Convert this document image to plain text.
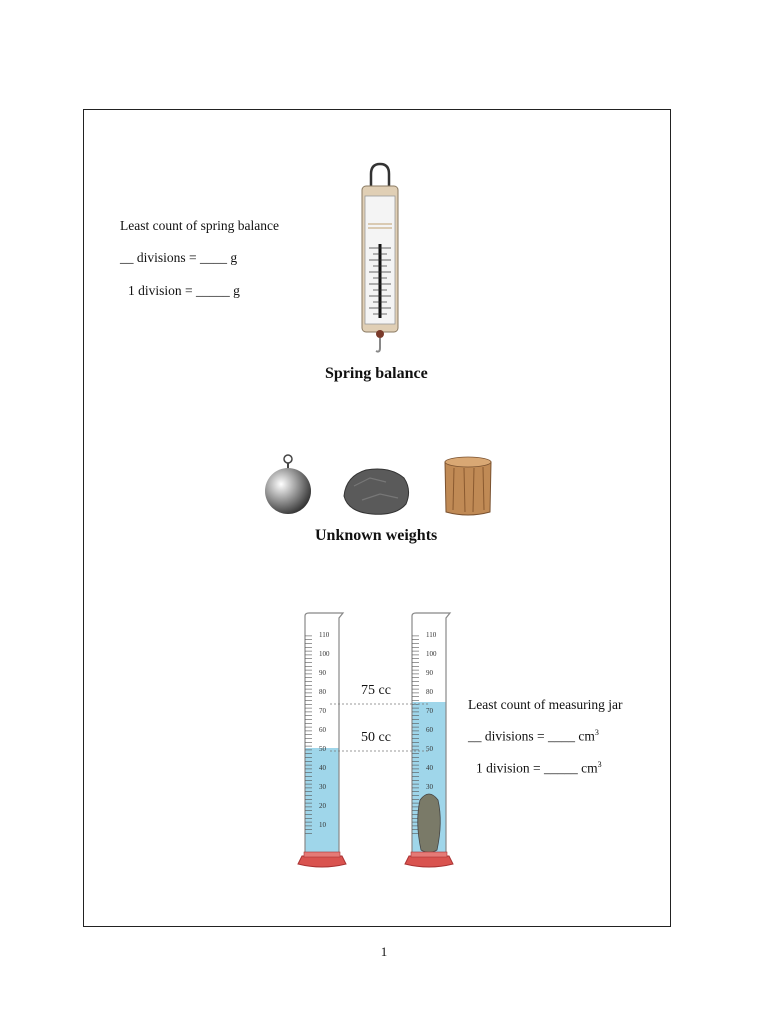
Least count of spring balance
__ divisions = ____ g
1 division = _____ g
Spring balance
Unknown weights
110
100
90
80
70
60
50
40
30
20
10
110
100
90
80
70
60
50
40
30
75 cc
50 cc
Least count of measuring jar
__ divisions = ____ $cm^3$
1 division = _____ $cm^3$
1
